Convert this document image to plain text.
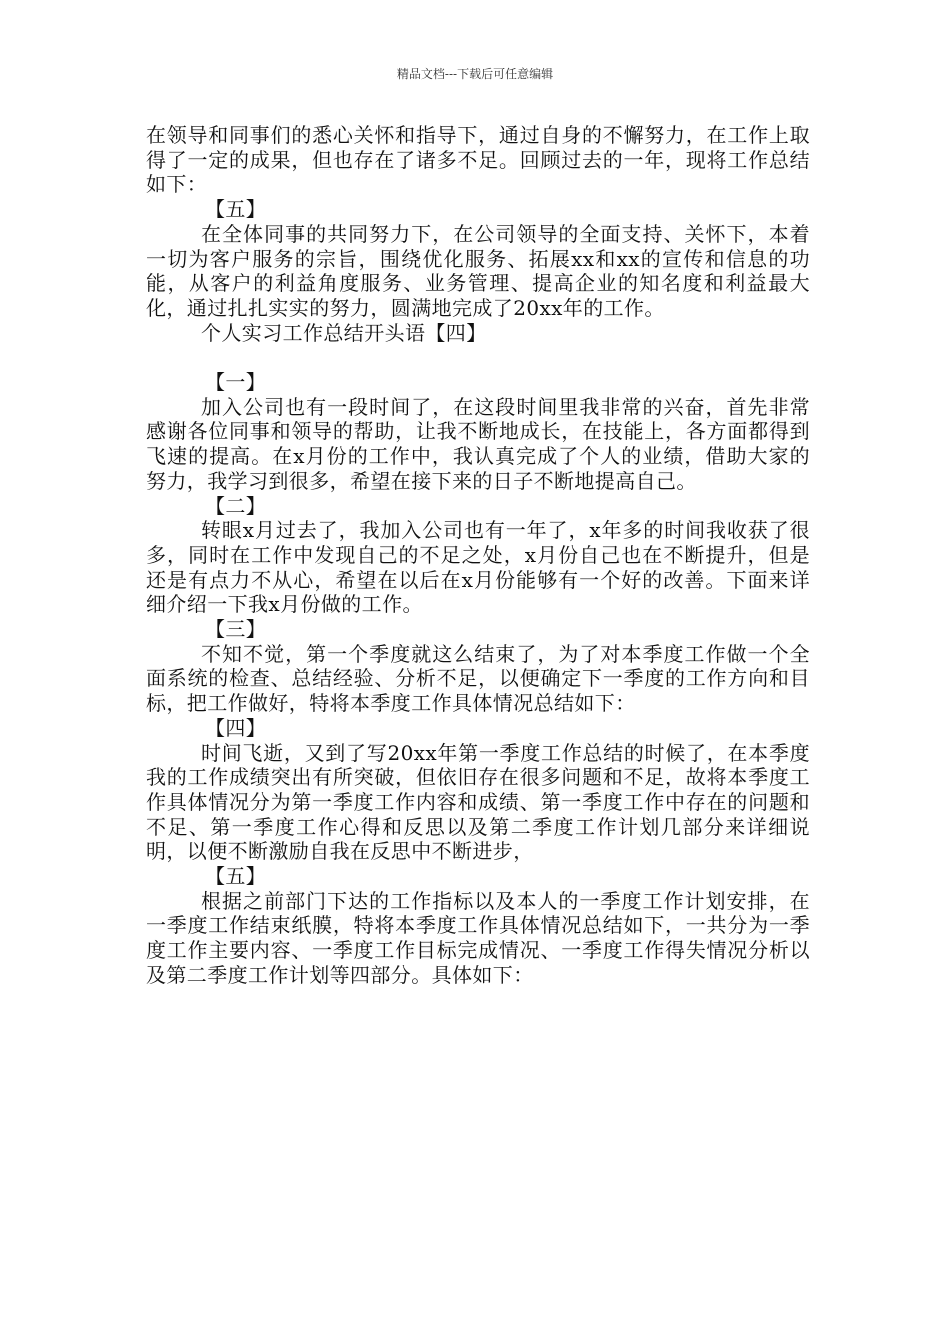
精品文档---下载后可任意编辑

在领导和同事们的悉心关怀和指导下，通过自身的不懈努力，在工作上取得了一定的成果，但也存在了诸多不足。回顾过去的一年，现将工作总结如下：

【五】

在全体同事的共同努力下，在公司领导的全面支持、关怀下，本着一切为客户服务的宗旨，围绕优化服务、拓展xx和xx的宣传和信息的功能，从客户的利益角度服务、业务管理、提高企业的知名度和利益最大化，通过扎扎实实的努力，圆满地完成了20xx年的工作。

个人实习工作总结开头语【四】

【一】

加入公司也有一段时间了，在这段时间里我非常的兴奋，首先非常感谢各位同事和领导的帮助，让我不断地成长，在技能上，各方面都得到飞速的提高。在x月份的工作中，我认真完成了个人的业绩，借助大家的努力，我学习到很多，希望在接下来的日子不断地提高自己。

【二】

转眼x月过去了，我加入公司也有一年了，x年多的时间我收获了很多，同时在工作中发现自己的不足之处，x月份自己也在不断提升，但是还是有点力不从心，希望在以后在x月份能够有一个好的改善。下面来详细介绍一下我x月份做的工作。

【三】

不知不觉，第一个季度就这么结束了，为了对本季度工作做一个全面系统的检查、总结经验、分析不足，以便确定下一季度的工作方向和目标，把工作做好，特将本季度工作具体情况总结如下：

【四】

时间飞逝，又到了写20xx年第一季度工作总结的时候了，在本季度我的工作成绩突出有所突破，但依旧存在很多问题和不足，故将本季度工作具体情况分为第一季度工作内容和成绩、第一季度工作中存在的问题和不足、第一季度工作心得和反思以及第二季度工作计划几部分来详细说明，以便不断激励自我在反思中不断进步，

【五】

根据之前部门下达的工作指标以及本人的一季度工作计划安排，在一季度工作结束纸膜，特将本季度工作具体情况总结如下，一共分为一季度工作主要内容、一季度工作目标完成情况、一季度工作得失情况分析以及第二季度工作计划等四部分。具体如下：
